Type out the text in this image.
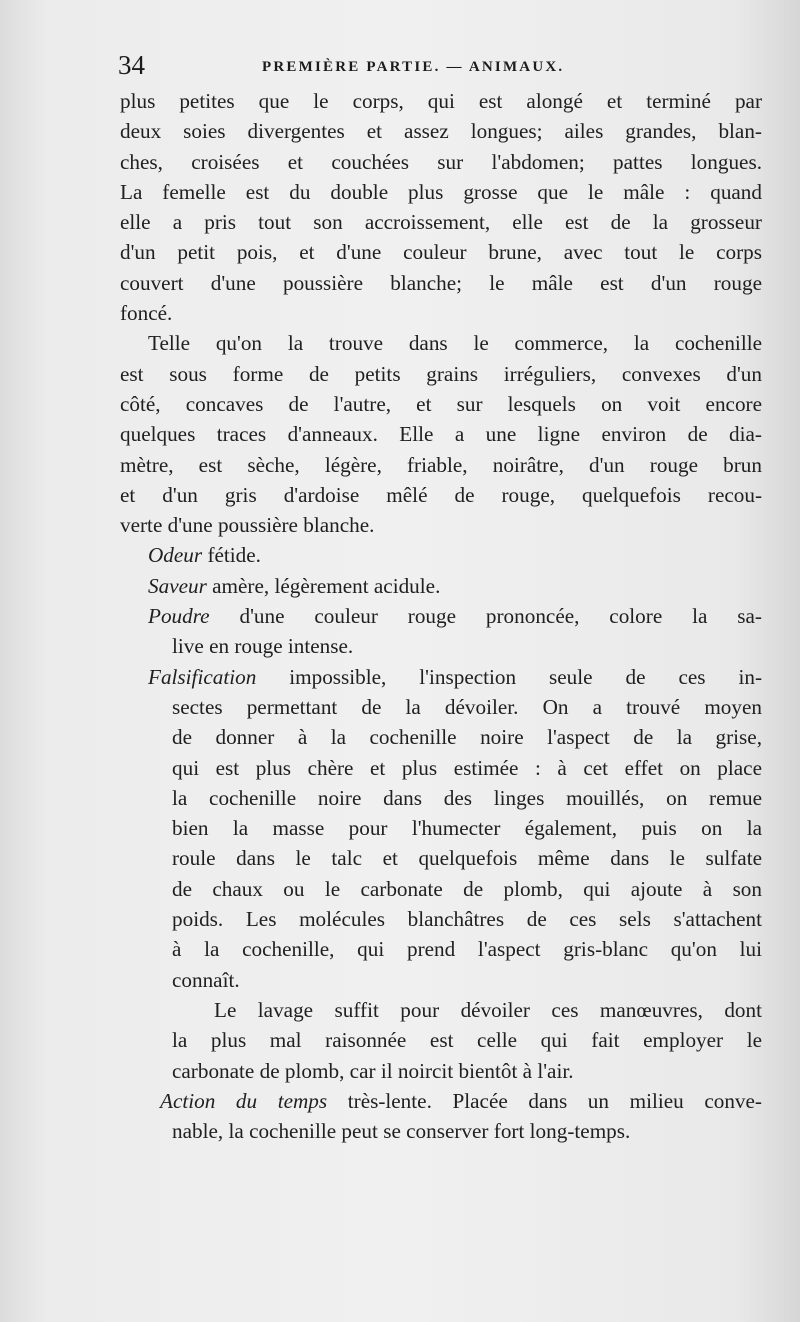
34	PREMIÈRE PARTIE. — ANIMAUX.
plus petites que le corps, qui est alongé et terminé par
deux soies divergentes et assez longues; ailes grandes, blan-
ches, croisées et couchées sur l'abdomen; pattes longues.
La femelle est du double plus grosse que le mâle : quand
elle a pris tout son accroissement, elle est de la grosseur
d'un petit pois, et d'une couleur brune, avec tout le corps
couvert d'une poussière blanche; le mâle est d'un rouge
foncé.
Telle qu'on la trouve dans le commerce, la cochenille
est sous forme de petits grains irréguliers, convexes d'un
côté, concaves de l'autre, et sur lesquels on voit encore
quelques traces d'anneaux. Elle a une ligne environ de dia-
mètre, est sèche, légère, friable, noirâtre, d'un rouge brun
et d'un gris d'ardoise mêlé de rouge, quelquefois recou-
verte d'une poussière blanche.
Odeur fétide.
Saveur amère, légèrement acidule.
Poudre d'une couleur rouge prononcée, colore la sa-
live en rouge intense.
Falsification impossible, l'inspection seule de ces in-
sectes permettant de la dévoiler. On a trouvé moyen
de donner à la cochenille noire l'aspect de la grise,
qui est plus chère et plus estimée : à cet effet on place
la cochenille noire dans des linges mouillés, on remue
bien la masse pour l'humecter également, puis on la
roule dans le talc et quelquefois même dans le sulfate
de chaux ou le carbonate de plomb, qui ajoute à son
poids. Les molécules blanchâtres de ces sels s'attachent
à la cochenille, qui prend l'aspect gris-blanc qu'on lui
connaît.
Le lavage suffit pour dévoiler ces manœuvres, dont
la plus mal raisonnée est celle qui fait employer le
carbonate de plomb, car il noircit bientôt à l'air.
Action du temps très-lente. Placée dans un milieu conve-
nable, la cochenille peut se conserver fort long-temps.
